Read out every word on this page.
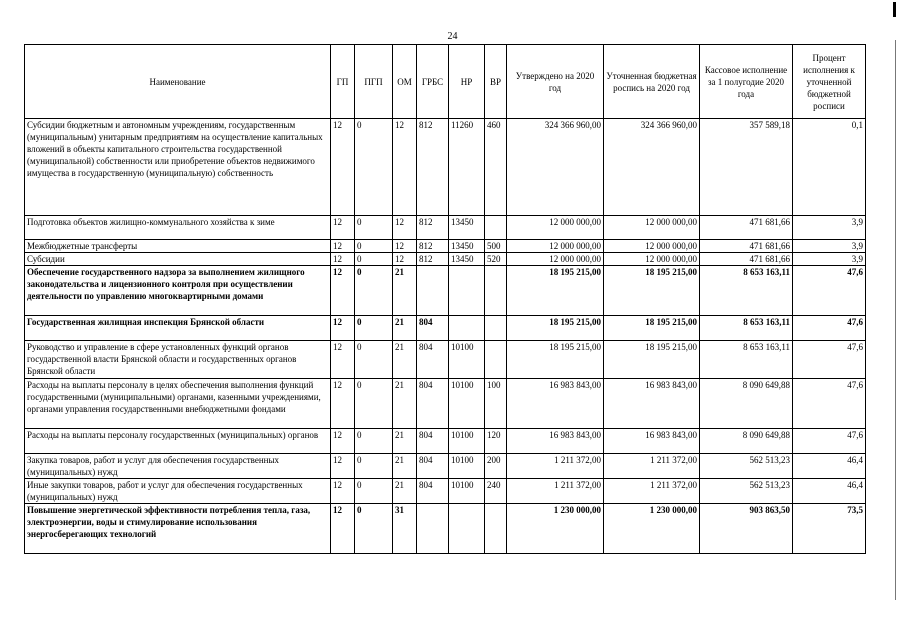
24
Наименование	ГП	ПГП	ОМ	ГРБС	НР	ВР	Утверждено на 2020 год	Уточненная бюджетная роспись на 2020 год	Кассовое исполнение за 1 полугодие 2020 года	Процент исполнения к уточненной бюджетной росписи
Субсидии бюджетным и автономным учреждениям, государственным (муниципальным) унитарным предприятиям на осуществление капитальных вложений в объекты капитального строительства государственной (муниципальной) собственности или приобретение объектов недвижимого имущества в государственную (муниципальную) собственность	12	0	12	812	11260	460	324 366 960,00	324 366 960,00	357 589,18	0,1
Подготовка объектов жилищно-коммунального хозяйства к зиме	12	0	12	812	13450		12 000 000,00	12 000 000,00	471 681,66	3,9
Межбюджетные трансферты	12	0	12	812	13450	500	12 000 000,00	12 000 000,00	471 681,66	3,9
Субсидии	12	0	12	812	13450	520	12 000 000,00	12 000 000,00	471 681,66	3,9
Обеспечение государственного надзора за выполнением жилищного законодательства и лицензионного контроля при осуществлении деятельности по управлению многоквартирными домами	12	0	21				18 195 215,00	18 195 215,00	8 653 163,11	47,6
Государственная жилищная инспекция Брянской области	12	0	21	804			18 195 215,00	18 195 215,00	8 653 163,11	47,6
Руководство и управление в сфере установленных функций органов государственной власти Брянской области и государственных органов Брянской области	12	0	21	804	10100		18 195 215,00	18 195 215,00	8 653 163,11	47,6
Расходы на выплаты персоналу в целях обеспечения выполнения функций государственными (муниципальными) органами, казенными учреждениями, органами управления государственными внебюджетными фондами	12	0	21	804	10100	100	16 983 843,00	16 983 843,00	8 090 649,88	47,6
Расходы на выплаты персоналу государственных (муниципальных) органов	12	0	21	804	10100	120	16 983 843,00	16 983 843,00	8 090 649,88	47,6
Закупка товаров, работ и услуг для обеспечения государственных (муниципальных) нужд	12	0	21	804	10100	200	1 211 372,00	1 211 372,00	562 513,23	46,4
Иные закупки товаров, работ и услуг для обеспечения государственных (муниципальных) нужд	12	0	21	804	10100	240	1 211 372,00	1 211 372,00	562 513,23	46,4
Повышение энергетической эффективности потребления тепла, газа, электроэнергии, воды и стимулирование использования энергосберегающих технологий	12	0	31				1 230 000,00	1 230 000,00	903 863,50	73,5
